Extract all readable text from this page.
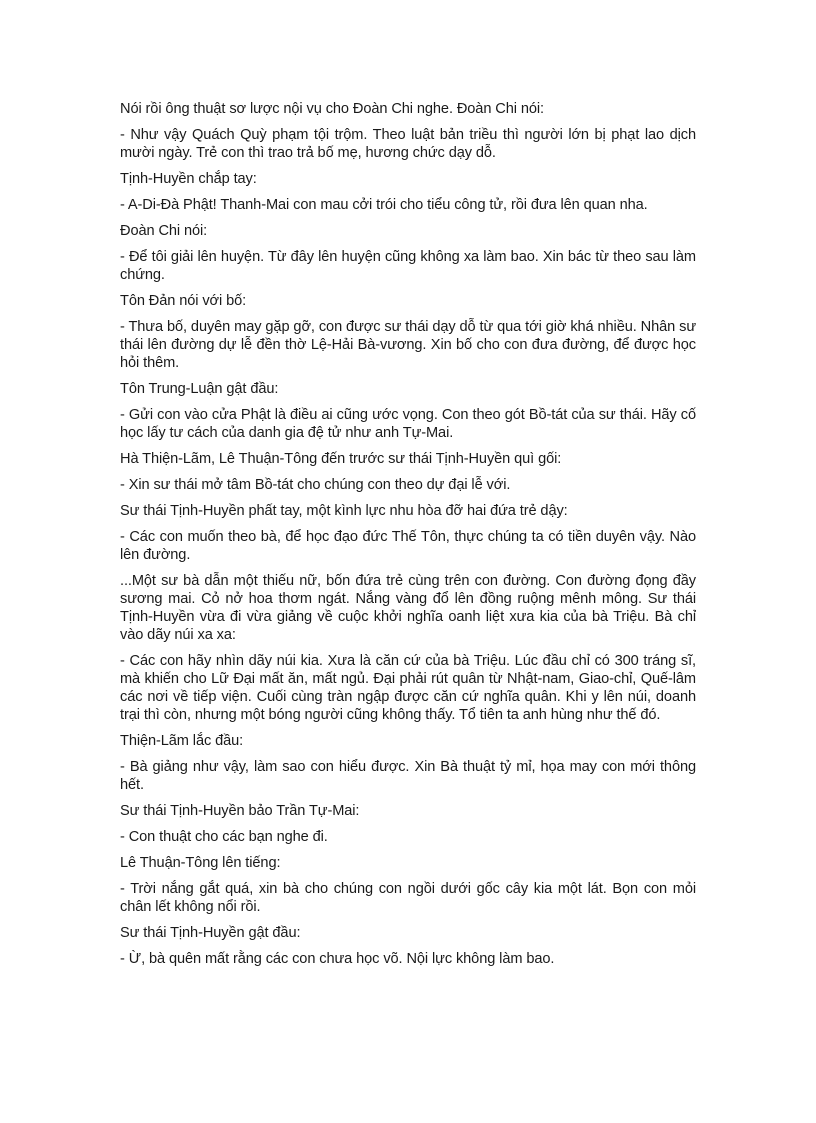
Nói rồi ông thuật sơ lược nội vụ cho Đoàn Chi nghe. Đoàn Chi nói:

- Như vậy Quách Quỳ phạm tội trộm. Theo luật bản triều thì người lớn bị phạt lao dịch mười ngày. Trẻ con thì trao trả bố mẹ, hương chức dạy dỗ.

Tịnh-Huyền chắp tay:

- A-Di-Đà Phật! Thanh-Mai con mau cởi trói cho tiểu công tử, rồi đưa lên quan nha.

Đoàn Chi nói:

- Để tôi giải lên huyện. Từ đây lên huyện cũng không xa làm bao. Xin bác từ theo sau làm chứng.

Tôn Đản nói với bố:

- Thưa bố, duyên may gặp gỡ, con được sư thái dạy dỗ từ qua tới giờ khá nhiều. Nhân sư thái lên đường dự lễ đền thờ Lệ-Hải Bà-vương. Xin bố cho con đưa đường, để được học hỏi thêm.

Tôn Trung-Luận gật đầu:

- Gửi con vào cửa Phật là điều ai cũng ước vọng. Con theo gót Bồ-tát của sư thái. Hãy cố học lấy tư cách của danh gia đệ tử như anh Tự-Mai.

Hà Thiện-Lãm, Lê Thuận-Tông đến trước sư thái Tịnh-Huyền quì gối:

- Xin sư thái mở tâm Bồ-tát cho chúng con theo dự đại lễ với.

Sư thái Tịnh-Huyền phất tay, một kình lực nhu hòa đỡ hai đứa trẻ dậy:

- Các con muốn theo bà, để học đạo đức Thế Tôn, thực chúng ta có tiền duyên vậy. Nào lên đường.

...Một sư bà dẫn một thiếu nữ, bốn đứa trẻ cùng trên con đường. Con đường đọng đầy sương mai. Cỏ nở hoa thơm ngát. Nắng vàng đổ lên đồng ruộng mênh mông. Sư thái Tịnh-Huyền vừa đi vừa giảng về cuộc khởi nghĩa oanh liệt xưa kia của bà Triệu. Bà chỉ vào dãy núi xa xa:

- Các con hãy nhìn dãy núi kia. Xưa là căn cứ của bà Triệu. Lúc đầu chỉ có 300 tráng sĩ, mà khiến cho Lữ Đại mất ăn, mất ngủ. Đại phải rút quân từ Nhật-nam, Giao-chỉ, Quế-lâm các nơi về tiếp viện. Cuối cùng tràn ngập được căn cứ nghĩa quân. Khi y lên núi, doanh trại thì còn, nhưng một bóng người cũng không thấy. Tổ tiên ta anh hùng như thế đó.

Thiện-Lãm lắc đầu:

- Bà giảng như vậy, làm sao con hiểu được. Xin Bà thuật tỷ mỉ, họa may con mới thông hết.

Sư thái Tịnh-Huyền bảo Trần Tự-Mai:

- Con thuật cho các bạn nghe đi.

Lê Thuận-Tông lên tiếng:

- Trời nắng gắt quá, xin bà cho chúng con ngồi dưới gốc cây kia một lát. Bọn con mỏi chân lết không nổi rồi.

Sư thái Tịnh-Huyền gật đầu:

- Ừ, bà quên mất rằng các con chưa học võ. Nội lực không làm bao.
